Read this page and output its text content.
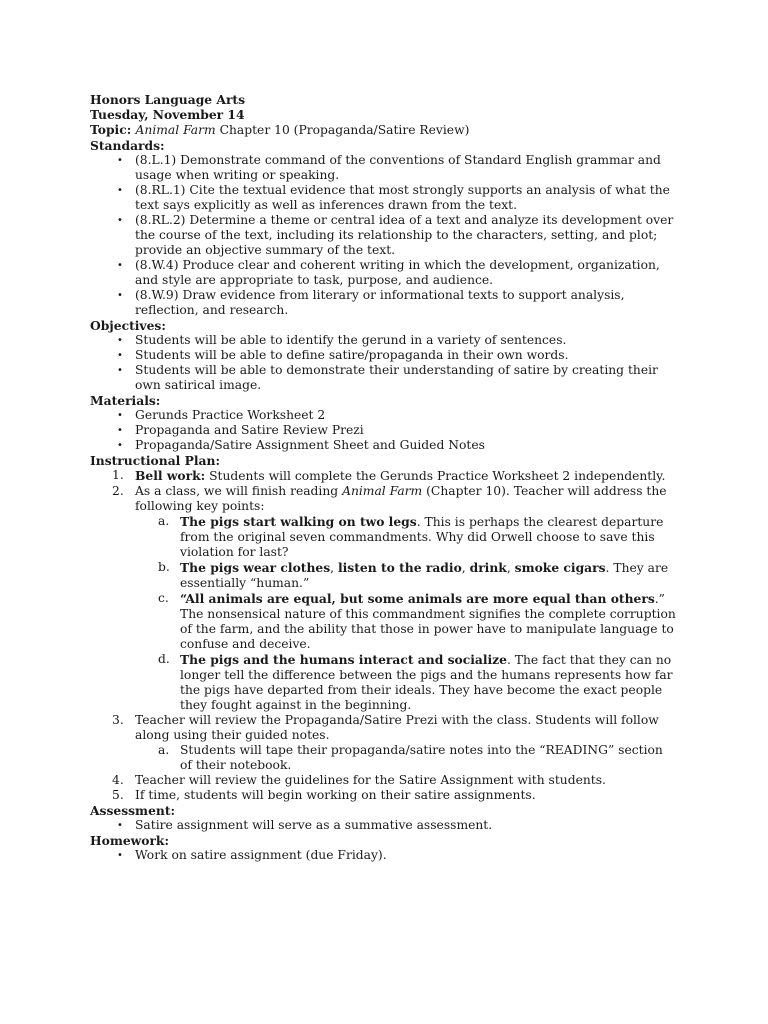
Honors Language Arts
Tuesday, November 14
Topic: Animal Farm Chapter 10 (Propaganda/Satire Review)
Standards:
• (8.L.1) Demonstrate command of the conventions of Standard English grammar and usage when writing or speaking.
• (8.RL.1) Cite the textual evidence that most strongly supports an analysis of what the text says explicitly as well as inferences drawn from the text.
• (8.RL.2) Determine a theme or central idea of a text and analyze its development over the course of the text, including its relationship to the characters, setting, and plot; provide an objective summary of the text.
• (8.W.4) Produce clear and coherent writing in which the development, organization, and style are appropriate to task, purpose, and audience.
• (8.W.9) Draw evidence from literary or informational texts to support analysis, reflection, and research.
Objectives:
• Students will be able to identify the gerund in a variety of sentences.
• Students will be able to define satire/propaganda in their own words.
• Students will be able to demonstrate their understanding of satire by creating their own satirical image.
Materials:
• Gerunds Practice Worksheet 2
• Propaganda and Satire Review Prezi
• Propaganda/Satire Assignment Sheet and Guided Notes
Instructional Plan:
1. Bell work: Students will complete the Gerunds Practice Worksheet 2 independently.
2. As a class, we will finish reading Animal Farm (Chapter 10). Teacher will address the following key points:
a. The pigs start walking on two legs. This is perhaps the clearest departure from the original seven commandments. Why did Orwell choose to save this violation for last?
b. The pigs wear clothes, listen to the radio, drink, smoke cigars. They are essentially “human.”
c. “All animals are equal, but some animals are more equal than others.” The nonsensical nature of this commandment signifies the complete corruption of the farm, and the ability that those in power have to manipulate language to confuse and deceive.
d. The pigs and the humans interact and socialize. The fact that they can no longer tell the difference between the pigs and the humans represents how far the pigs have departed from their ideals. They have become the exact people they fought against in the beginning.
3. Teacher will review the Propaganda/Satire Prezi with the class. Students will follow along using their guided notes.
a. Students will tape their propaganda/satire notes into the “READING” section of their notebook.
4. Teacher will review the guidelines for the Satire Assignment with students.
5. If time, students will begin working on their satire assignments.
Assessment:
• Satire assignment will serve as a summative assessment.
Homework:
• Work on satire assignment (due Friday).
